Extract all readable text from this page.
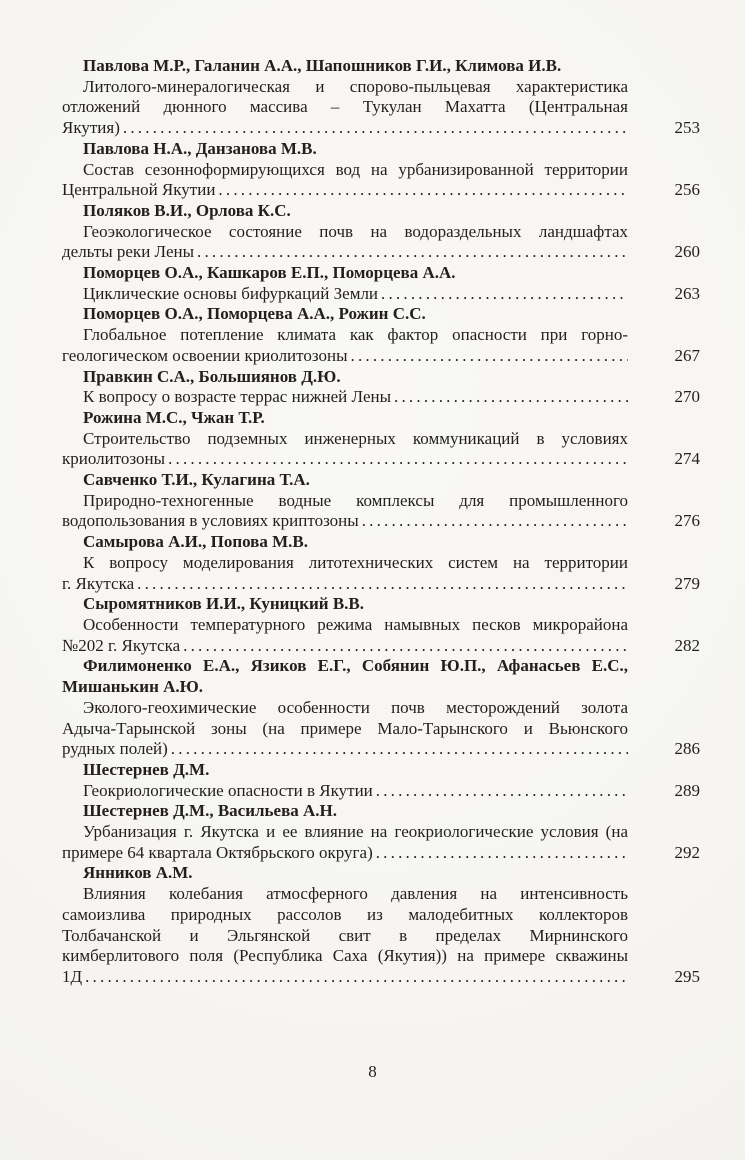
Павлова М.Р., Галанин А.А., Шапошников Г.И., Климова И.В.

Литолого-минералогическая и спорово-пыльцевая характеристика
отложений дюнного массива – Тукулан Махатта (Центральная
Якутия) .....	253

Павлова Н.А., Данзанова М.В.

Состав сезонноформирующихся вод на урбанизированной территории
Центральной Якутии .....	256

Поляков В.И., Орлова К.С.

Геоэкологическое состояние почв на водораздельных ландшафтах
дельты реки Лены .....	260

Поморцев О.А., Кашкаров Е.П., Поморцева А.А.

Циклические основы бифуркаций Земли .....	263

Поморцев О.А., Поморцева А.А., Рожин С.С.

Глобальное потепление климата как фактор опасности при горно-
геологическом освоении криолитозоны .....	267

Правкин С.А., Большиянов Д.Ю.

К вопросу о возрасте террас нижней Лены .....	270

Рожина М.С., Чжан Т.Р.

Строительство подземных инженерных коммуникаций в условиях
криолитозоны .....	274

Савченко Т.И., Кулагина Т.А.

Природно-техногенные водные комплексы для промышленного
водопользования в условиях криптозоны .....	276

Самырова А.И., Попова М.В.

К вопросу моделирования литотехнических систем на территории
г. Якутска .....	279

Сыромятников И.И., Куницкий В.В.

Особенности температурного режима намывных песков микрорайона
№202 г. Якутска .....	282

Филимоненко Е.А., Язиков Е.Г., Собянин Ю.П., Афанасьев Е.С., Мишанькин А.Ю.

Эколого-геохимические особенности почв месторождений золота
Адыча-Тарынской зоны (на примере Мало-Тарынского и Вьюнского
рудных полей) .....	286

Шестернев Д.М.

Геокриологические опасности в Якутии .....	289

Шестернев Д.М., Васильева А.Н.

Урбанизация г. Якутска и ее влияние на геокриологические условия (на
примере 64 квартала Октябрьского округа) .....	292

Янников А.М.

Влияния колебания атмосферного давления на интенсивность
самоизлива природных рассолов из малодебитных коллекторов
Толбачанской и Эльгянской свит в пределах Мирнинского
кимберлитового поля (Республика Саха (Якутия)) на примере скважины
1Д .....	295
8
